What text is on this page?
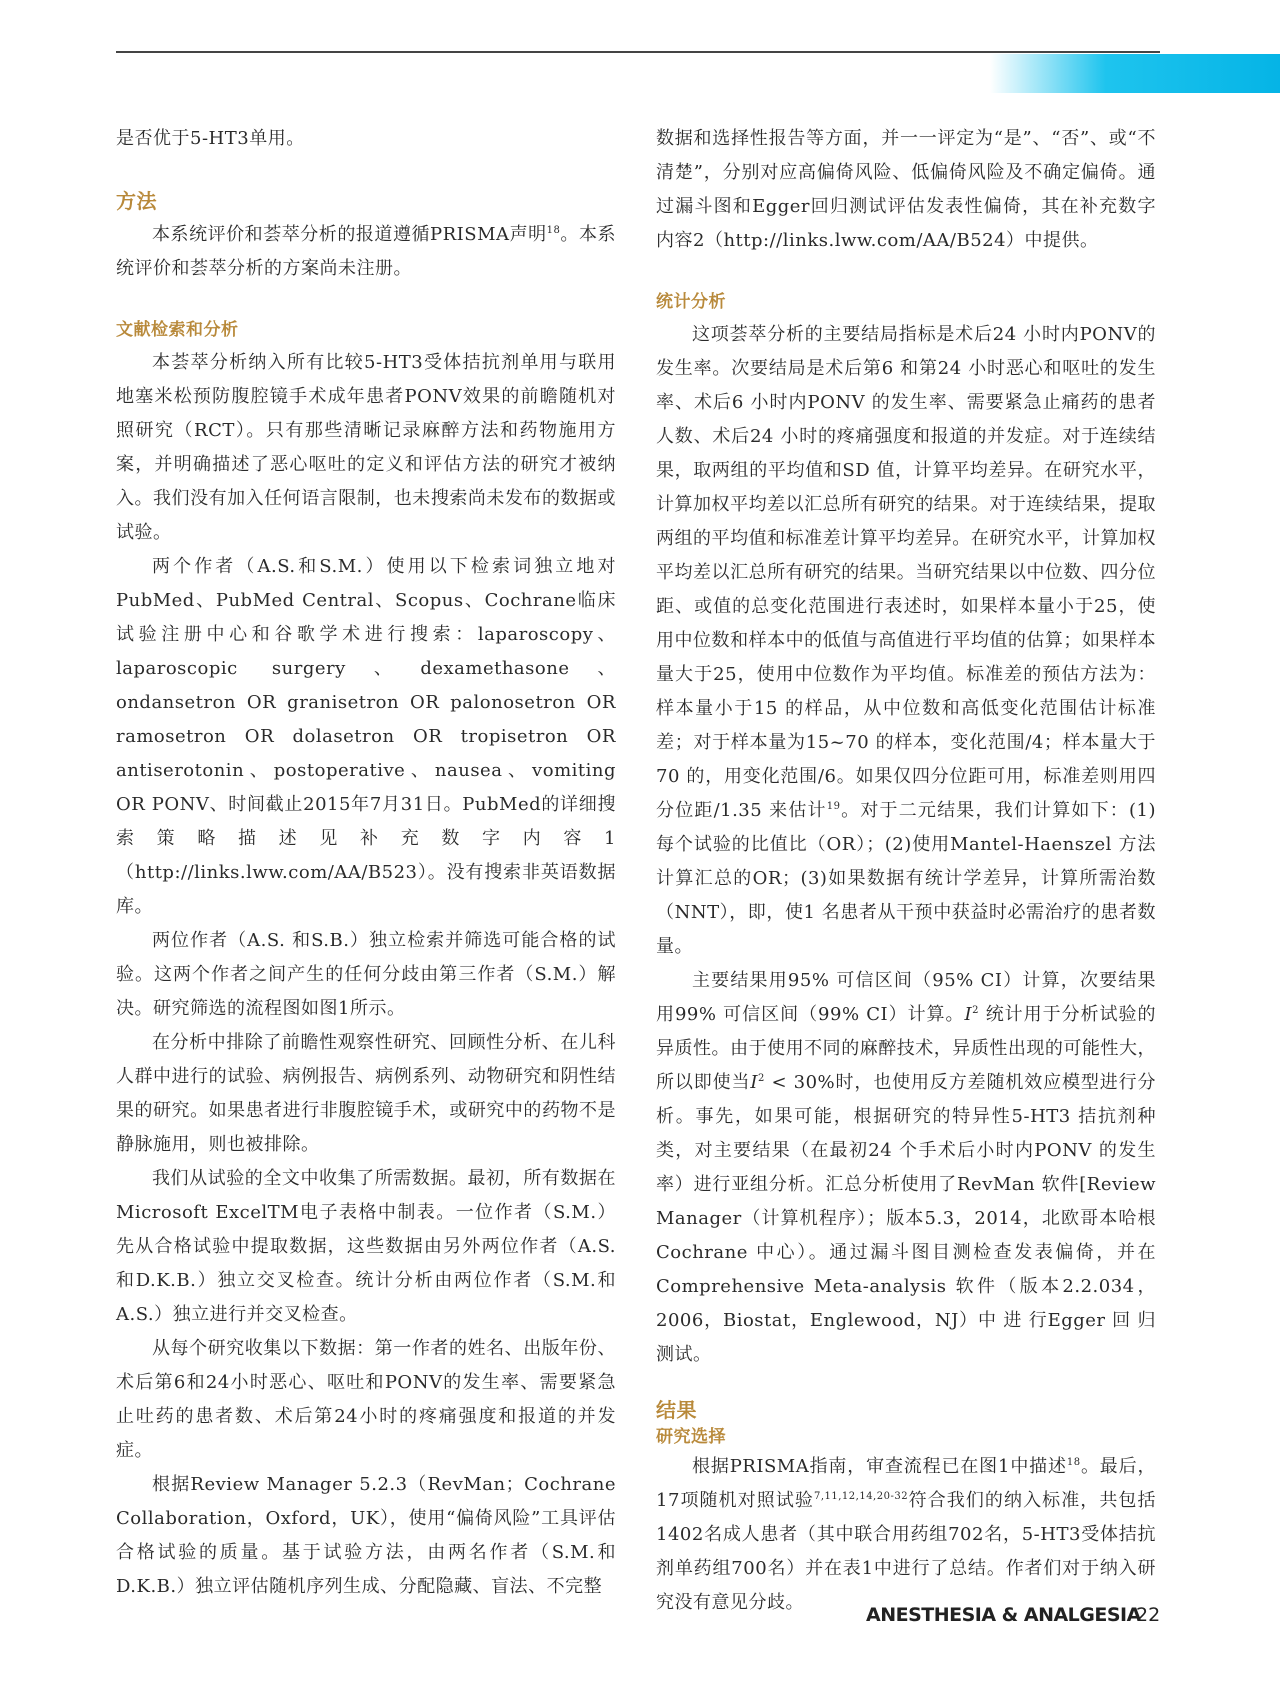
是否优于5-HT3单用。

方法

本系统评价和荟萃分析的报道遵循PRISMA声明$^{18}$。本系统评价和荟萃分析的方案尚未注册。

文献检索和分析

本荟萃分析纳入所有比较5-HT3受体拮抗剂单用与联用地塞米松预防腹腔镜手术成年患者PONV效果的前瞻随机对照研究（RCT）。只有那些清晰记录麻醉方法和药物施用方案，并明确描述了恶心呕吐的定义和评估方法的研究才被纳入。我们没有加入任何语言限制，也未搜索尚未发布的数据或试验。

两个作者（A.S.和S.M.）使用以下检索词独立地对PubMed、PubMed Central、Scopus、Cochrane临床试验注册中心和谷歌学术进行搜索：laparoscopy、laparoscopic surgery、dexamethasone、ondansetron OR granisetron OR palonosetron OR ramosetron OR dolasetron OR tropisetron OR antiserotonin、postoperative、nausea、vomiting OR PONV、时间截止2015年7月31日。PubMed的详细搜索策略描述见补充数字内容1（http://links.lww.com/AA/B523）。没有搜索非英语数据库。

两位作者（A.S. 和S.B.）独立检索并筛选可能合格的试验。这两个作者之间产生的任何分歧由第三作者（S.M.）解决。研究筛选的流程图如图1所示。

在分析中排除了前瞻性观察性研究、回顾性分析、在儿科人群中进行的试验、病例报告、病例系列、动物研究和阴性结果的研究。如果患者进行非腹腔镜手术，或研究中的药物不是静脉施用，则也被排除。

我们从试验的全文中收集了所需数据。最初，所有数据在Microsoft ExcelTM电子表格中制表。一位作者（S.M.）先从合格试验中提取数据，这些数据由另外两位作者（A.S.和D.K.B.）独立交叉检查。统计分析由两位作者（S.M.和A.S.）独立进行并交叉检查。

从每个研究收集以下数据：第一作者的姓名、出版年份、术后第6和24小时恶心、呕吐和PONV的发生率、需要紧急止吐药的患者数、术后第24小时的疼痛强度和报道的并发症。

根据Review Manager 5.2.3（RevMan；Cochrane Collaboration，Oxford，UK），使用“偏倚风险”工具评估合格试验的质量。基于试验方法，由两名作者（S.M.和D.K.B.）独立评估随机序列生成、分配隐藏、盲法、不完整

数据和选择性报告等方面，并一一评定为“是”、“否”、或“不清楚”，分别对应高偏倚风险、低偏倚风险及不确定偏倚。通过漏斗图和Egger回归测试评估发表性偏倚，其在补充数字内容2（http://links.lww.com/AA/B524）中提供。

统计分析

这项荟萃分析的主要结局指标是术后24 小时内PONV的发生率。次要结局是术后第6 和第24 小时恶心和呕吐的发生率、术后6 小时内PONV 的发生率、需要紧急止痛药的患者人数、术后24 小时的疼痛强度和报道的并发症。对于连续结果，取两组的平均值和SD 值，计算平均差异。在研究水平，计算加权平均差以汇总所有研究的结果。对于连续结果，提取两组的平均值和标准差计算平均差异。在研究水平，计算加权平均差以汇总所有研究的结果。当研究结果以中位数、四分位距、或值的总变化范围进行表述时，如果样本量小于25，使用中位数和样本中的低值与高值进行平均值的估算；如果样本量大于25，使用中位数作为平均值。标准差的预估方法为：样本量小于15 的样品，从中位数和高低变化范围估计标准差；对于样本量为15~70 的样本，变化范围/4；样本量大于70 的，用变化范围/6。如果仅四分位距可用，标准差则用四分位距/1.35 来估计$^{19}$。对于二元结果，我们计算如下：(1)每个试验的比值比（OR）；(2)使用Mantel-Haenszel 方法计算汇总的OR；(3)如果数据有统计学差异，计算所需治数（NNT），即，使1 名患者从干预中获益时必需治疗的患者数量。

主要结果用95% 可信区间（95% CI）计算，次要结果用99% 可信区间（99% CI）计算。$I^2$ 统计用于分析试验的异质性。由于使用不同的麻醉技术，异质性出现的可能性大，所以即使当$I^2 < 30\%$时，也使用反方差随机效应模型进行分析。事先，如果可能，根据研究的特异性5-HT3 拮抗剂种类，对主要结果（在最初24 个手术后小时内PONV 的发生率）进行亚组分析。汇总分析使用了RevMan 软件[Review Manager（计算机程序）；版本5.3，2014，北欧哥本哈根Cochrane 中心）。通过漏斗图目测检查发表偏倚，并在Comprehensive Meta-analysis 软件（版本2.2.034，2006，Biostat，Englewood，NJ）中 进 行Egger 回 归测试。

结果
研究选择

根据PRISMA指南，审查流程已在图1中描述$^{18}$。最后，17项随机对照试验$^{7,11,12,14,20-32}$符合我们的纳入标准，共包括1402名成人患者（其中联合用药组702名，5-HT3受体拮抗剂单药组700名）并在表1中进行了总结。作者们对于纳入研究没有意见分歧。

ANESTHESIA & ANALGESIA
22
